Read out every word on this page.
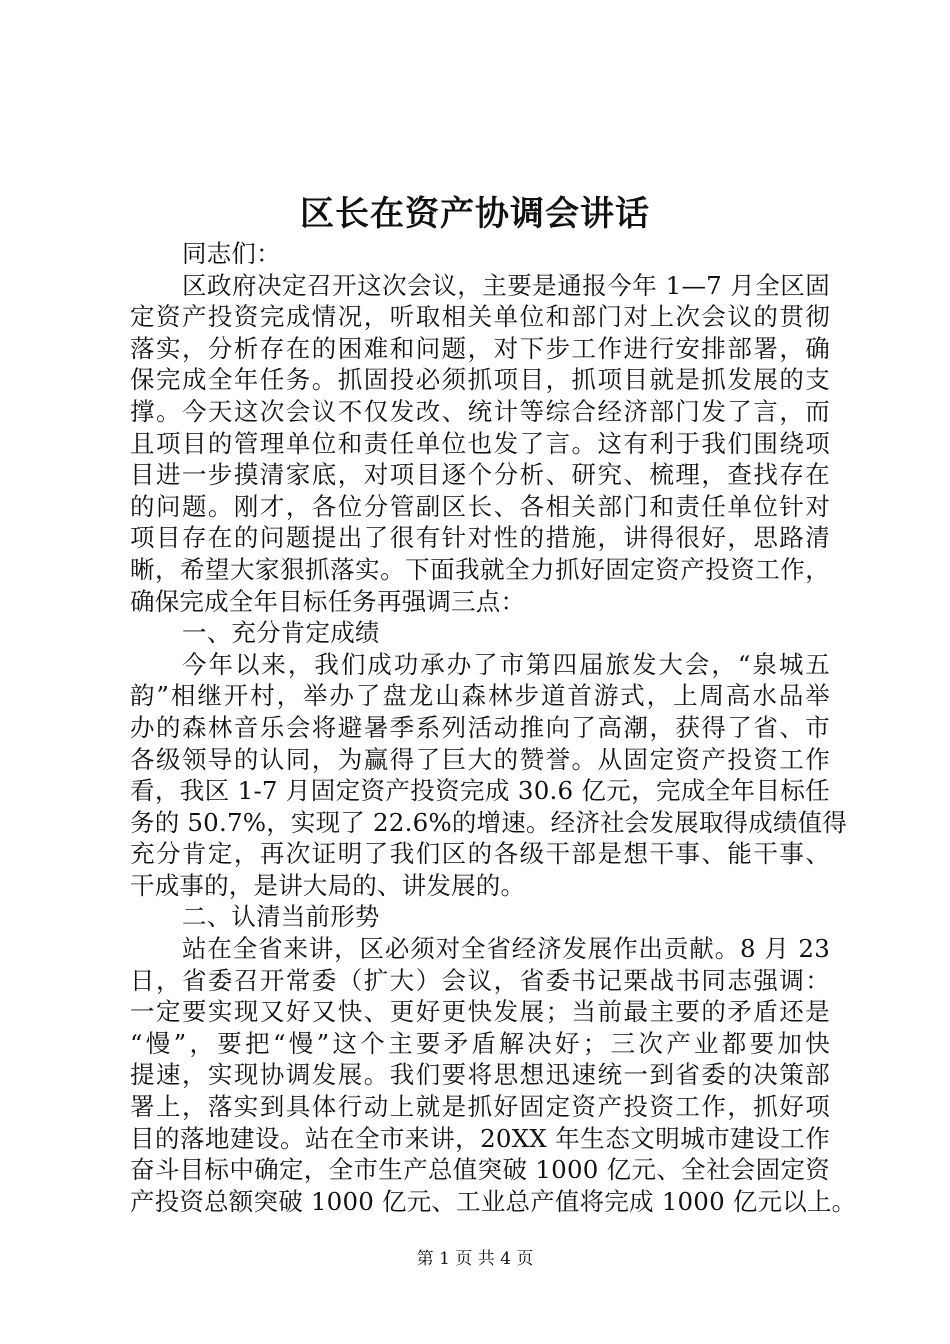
区长在资产协调会讲话
同志们：
区政府决定召开这次会议，主要是通报今年 1—7 月全区固
定资产投资完成情况，听取相关单位和部门对上次会议的贯彻
落实，分析存在的困难和问题，对下步工作进行安排部署，确
保完成全年任务。抓固投必须抓项目，抓项目就是抓发展的支
撑。今天这次会议不仅发改、统计等综合经济部门发了言，而
且项目的管理单位和责任单位也发了言。这有利于我们围绕项
目进一步摸清家底，对项目逐个分析、研究、梳理，查找存在
的问题。刚才，各位分管副区长、各相关部门和责任单位针对
项目存在的问题提出了很有针对性的措施，讲得很好，思路清
晰，希望大家狠抓落实。下面我就全力抓好固定资产投资工作，
确保完成全年目标任务再强调三点：
一、充分肯定成绩
今年以来，我们成功承办了市第四届旅发大会，“泉城五
韵”相继开村，举办了盘龙山森林步道首游式，上周高水品举
办的森林音乐会将避暑季系列活动推向了高潮，获得了省、市
各级领导的认同，为赢得了巨大的赞誉。从固定资产投资工作
看，我区 1-7 月固定资产投资完成 30.6 亿元，完成全年目标任
务的 50.7%，实现了 22.6%的增速。经济社会发展取得成绩值得
充分肯定，再次证明了我们区的各级干部是想干事、能干事、
干成事的，是讲大局的、讲发展的。
二、认清当前形势
站在全省来讲，区必须对全省经济发展作出贡献。8 月 23
日，省委召开常委（扩大）会议，省委书记栗战书同志强调：
一定要实现又好又快、更好更快发展；当前最主要的矛盾还是
“慢”，要把“慢”这个主要矛盾解决好；三次产业都要加快
提速，实现协调发展。我们要将思想迅速统一到省委的决策部
署上，落实到具体行动上就是抓好固定资产投资工作，抓好项
目的落地建设。站在全市来讲，20XX 年生态文明城市建设工作
奋斗目标中确定，全市生产总值突破 1000 亿元、全社会固定资
产投资总额突破 1000 亿元、工业总产值将完成 1000 亿元以上。
第 1 页 共 4 页
